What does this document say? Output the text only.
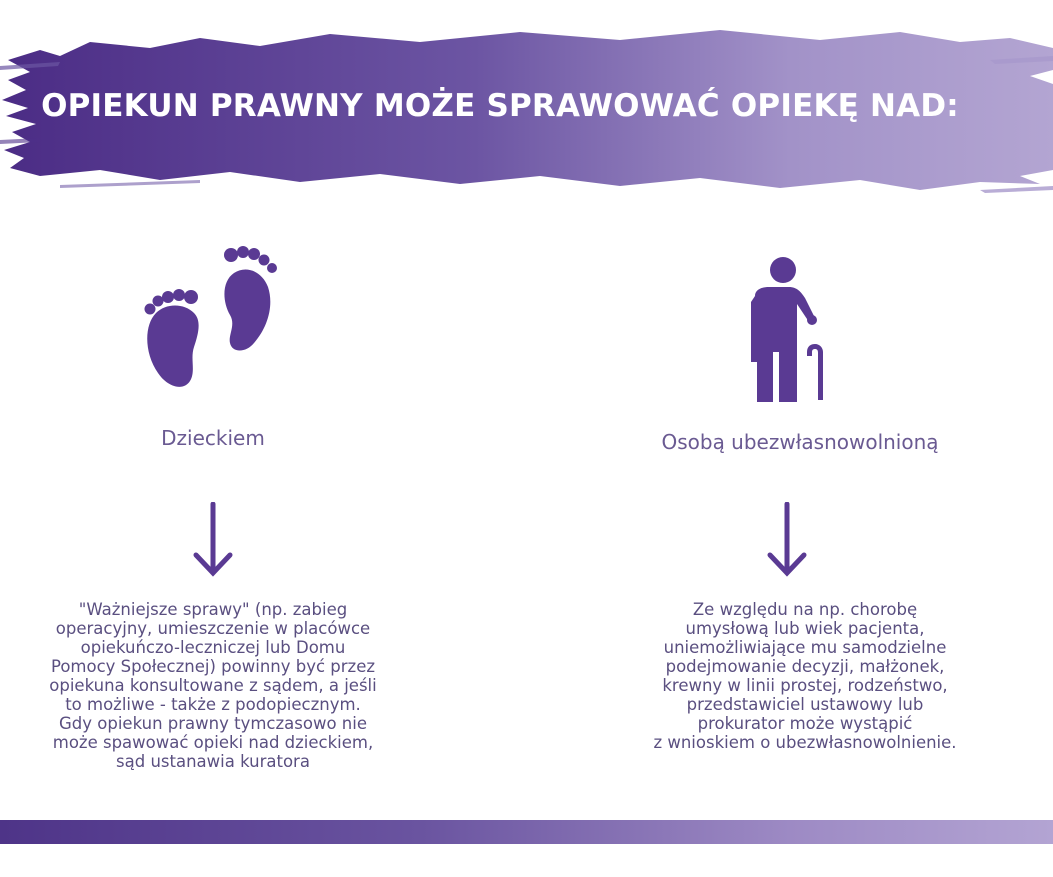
OPIEKUN PRAWNY MOŻE SPRAWOWAĆ OPIEKĘ NAD:
Dzieckiem
"Ważniejsze sprawy" (np. zabieg
operacyjny, umieszczenie w placówce
opiekuńczo-leczniczej lub Domu
Pomocy Społecznej) powinny być przez
opiekuna konsultowane z sądem, a jeśli
to możliwe - także z podopiecznym.
Gdy opiekun prawny tymczasowo nie
może spawować opieki nad dzieckiem,
sąd ustanawia kuratora
Osobą ubezwłasnowolnioną
Ze względu na np. chorobę
umysłową lub wiek pacjenta,
uniemożliwiające mu samodzielne
podejmowanie decyzji, małżonek,
krewny w linii prostej, rodzeństwo,
przedstawiciel ustawowy lub
prokurator może wystąpić
z wnioskiem o ubezwłasnowolnienie.
